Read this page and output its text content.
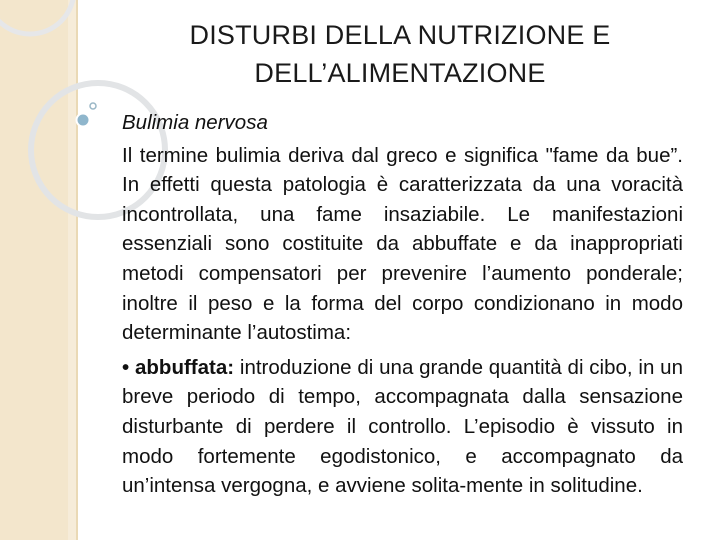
DISTURBI DELLA NUTRIZIONE E
DELL’ALIMENTAZIONE

Bulimia nervosa

Il termine bulimia deriva dal greco e significa "fame da bue”. In effetti questa patologia è caratterizzata da una voracità incontrollata, una fame insaziabile. Le manifestazioni essenziali sono costituite da abbuffate e da inappropriati metodi compensatori per prevenire l’aumento ponderale; inoltre il peso e la forma del corpo condizionano in modo determinante l’autostima:

• abbuffata: introduzione di una grande quantità di cibo, in un breve periodo di tempo, accompagnata dalla sensazione disturbante di perdere il controllo. L’episodio è vissuto in modo fortemente egodistonico, e accompagnato da un’intensa vergogna, e avviene solita-mente in solitudine.
